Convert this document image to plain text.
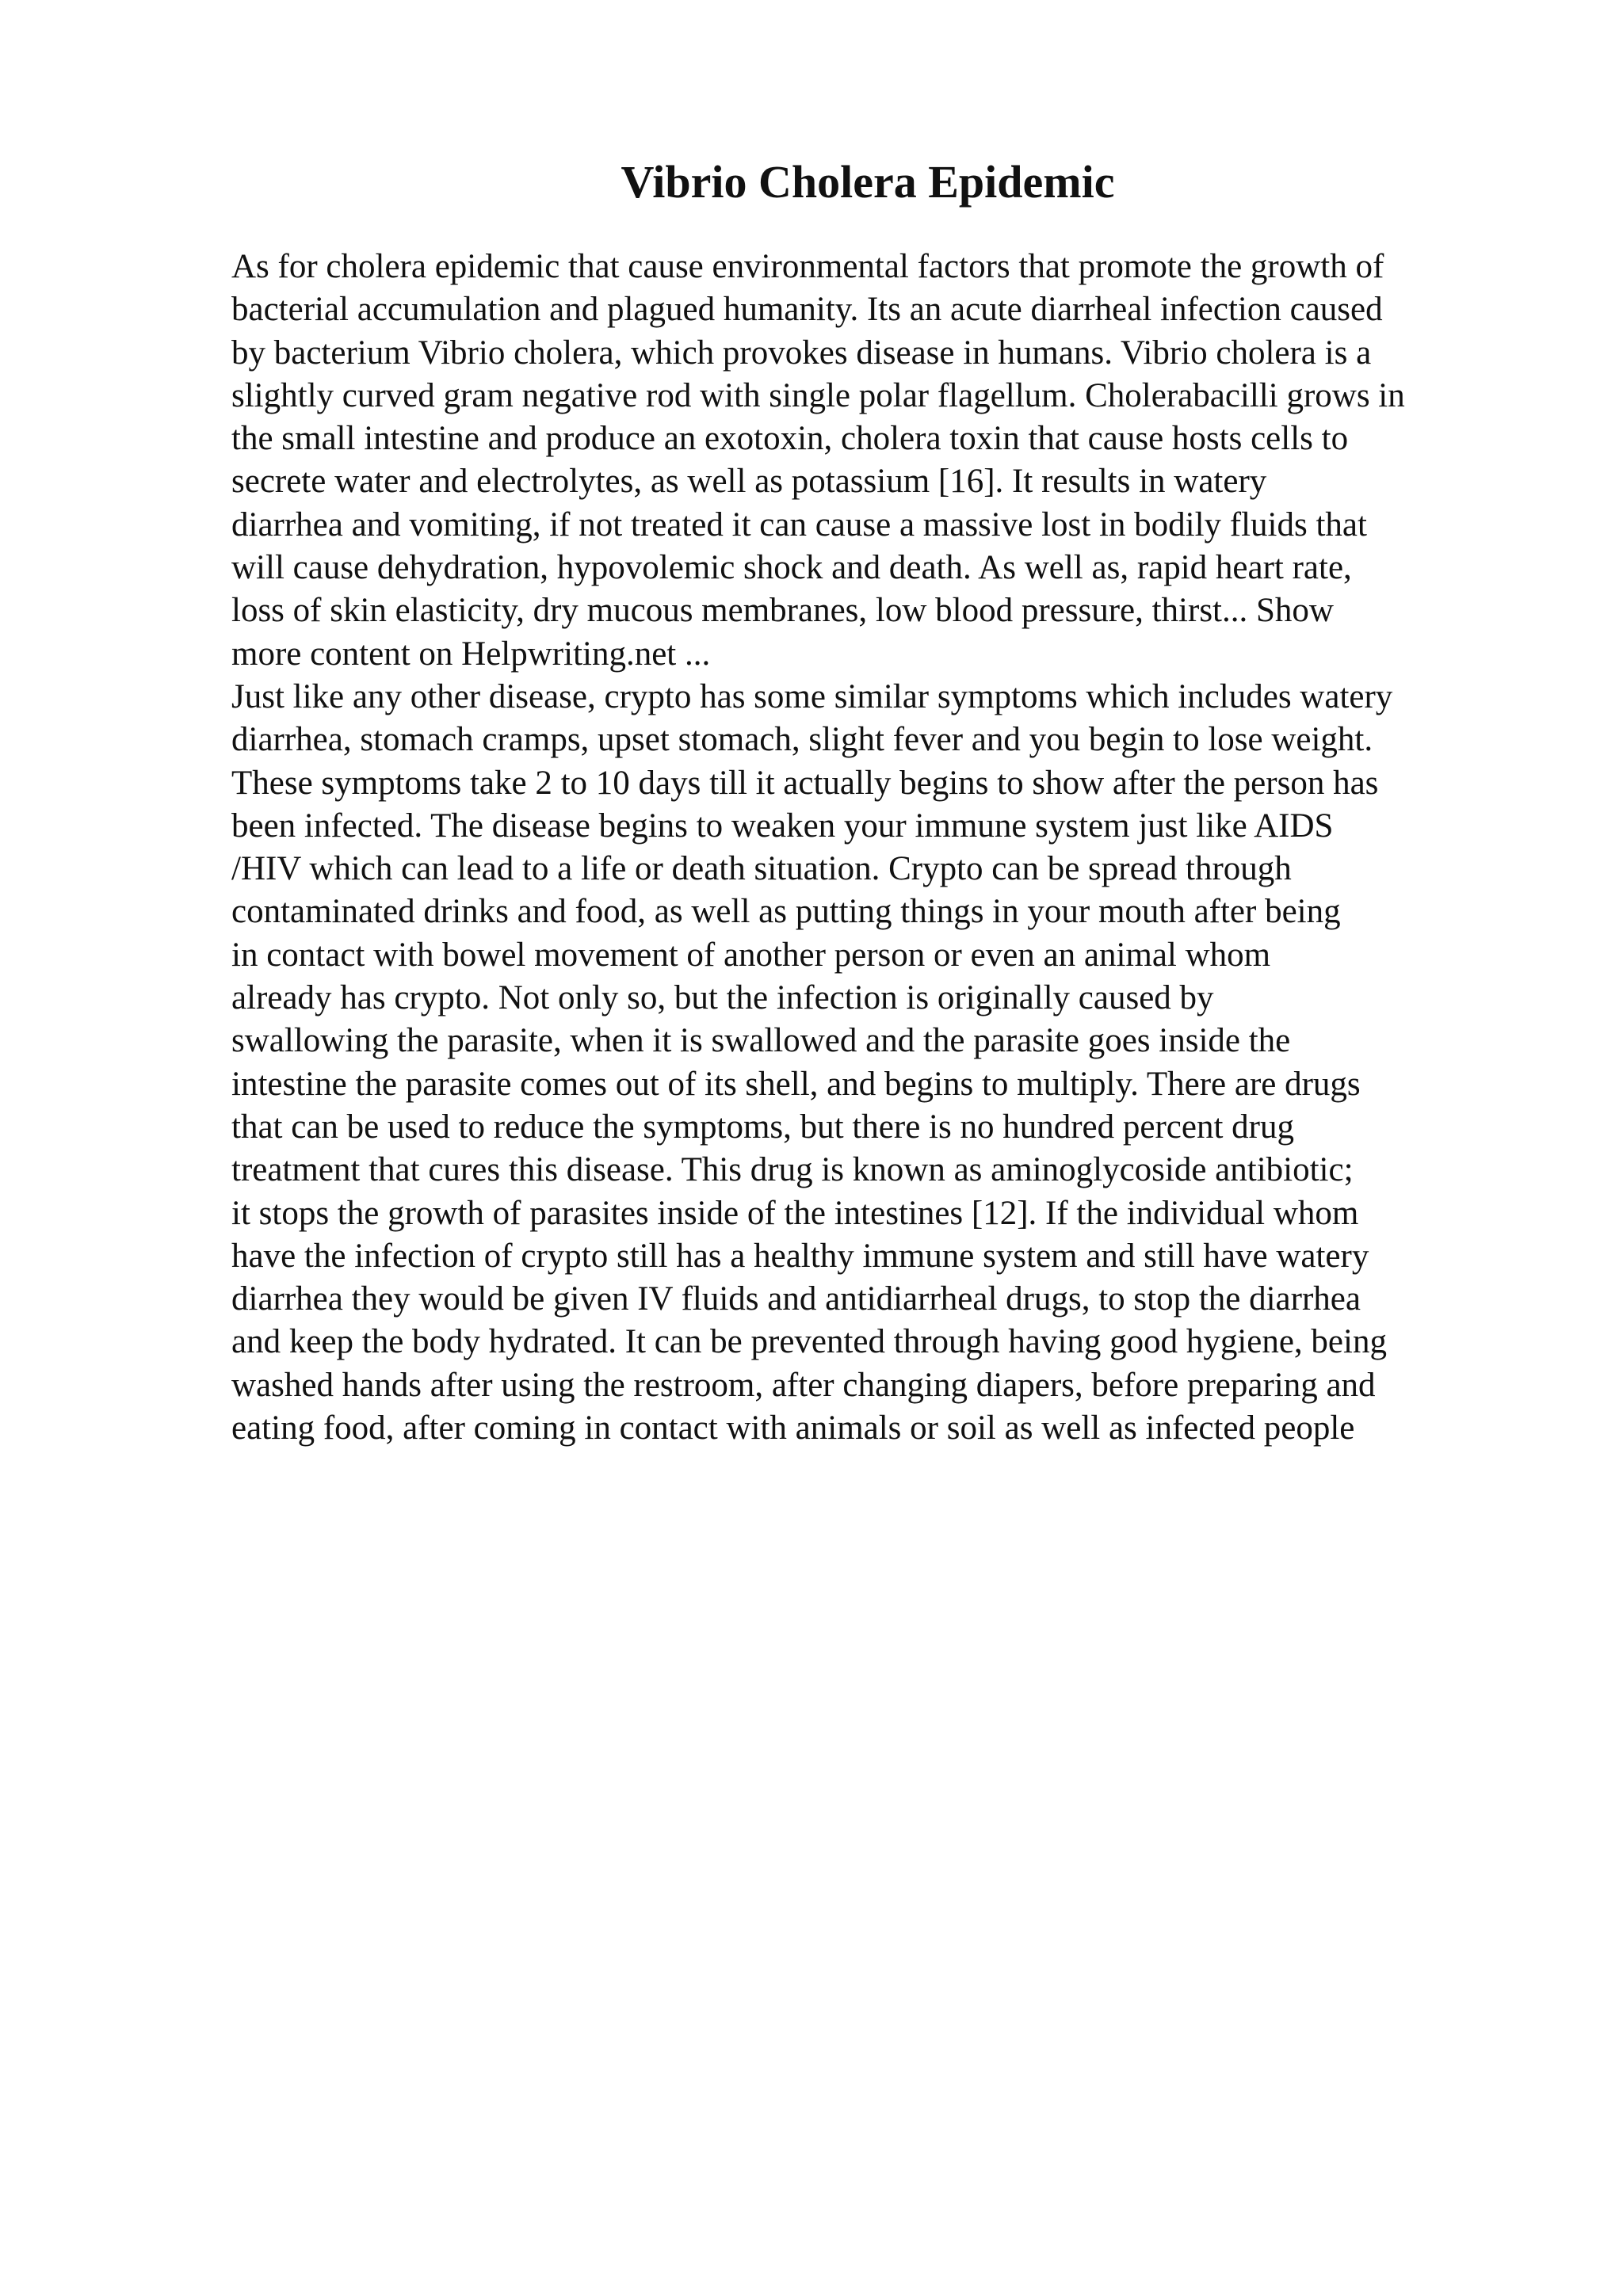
Vibrio Cholera Epidemic
As for cholera epidemic that cause environmental factors that promote the growth of
bacterial accumulation and plagued humanity. Its an acute diarrheal infection caused
by bacterium Vibrio cholera, which provokes disease in humans. Vibrio cholera is a
slightly curved gram negative rod with single polar flagellum. Cholerabacilli grows in
the small intestine and produce an exotoxin, cholera toxin that cause hosts cells to
secrete water and electrolytes, as well as potassium [16]. It results in watery
diarrhea and vomiting, if not treated it can cause a massive lost in bodily fluids that
will cause dehydration, hypovolemic shock and death. As well as, rapid heart rate,
loss of skin elasticity, dry mucous membranes, low blood pressure, thirst... Show
more content on Helpwriting.net ...
Just like any other disease, crypto has some similar symptoms which includes watery
diarrhea, stomach cramps, upset stomach, slight fever and you begin to lose weight.
These symptoms take 2 to 10 days till it actually begins to show after the person has
been infected. The disease begins to weaken your immune system just like AIDS
/HIV which can lead to a life or death situation. Crypto can be spread through
contaminated drinks and food, as well as putting things in your mouth after being
in contact with bowel movement of another person or even an animal whom
already has crypto. Not only so, but the infection is originally caused by
swallowing the parasite, when it is swallowed and the parasite goes inside the
intestine the parasite comes out of its shell, and begins to multiply. There are drugs
that can be used to reduce the symptoms, but there is no hundred percent drug
treatment that cures this disease. This drug is known as aminoglycoside antibiotic;
it stops the growth of parasites inside of the intestines [12]. If the individual whom
have the infection of crypto still has a healthy immune system and still have watery
diarrhea they would be given IV fluids and antidiarrheal drugs, to stop the diarrhea
and keep the body hydrated. It can be prevented through having good hygiene, being
washed hands after using the restroom, after changing diapers, before preparing and
eating food, after coming in contact with animals or soil as well as infected people
